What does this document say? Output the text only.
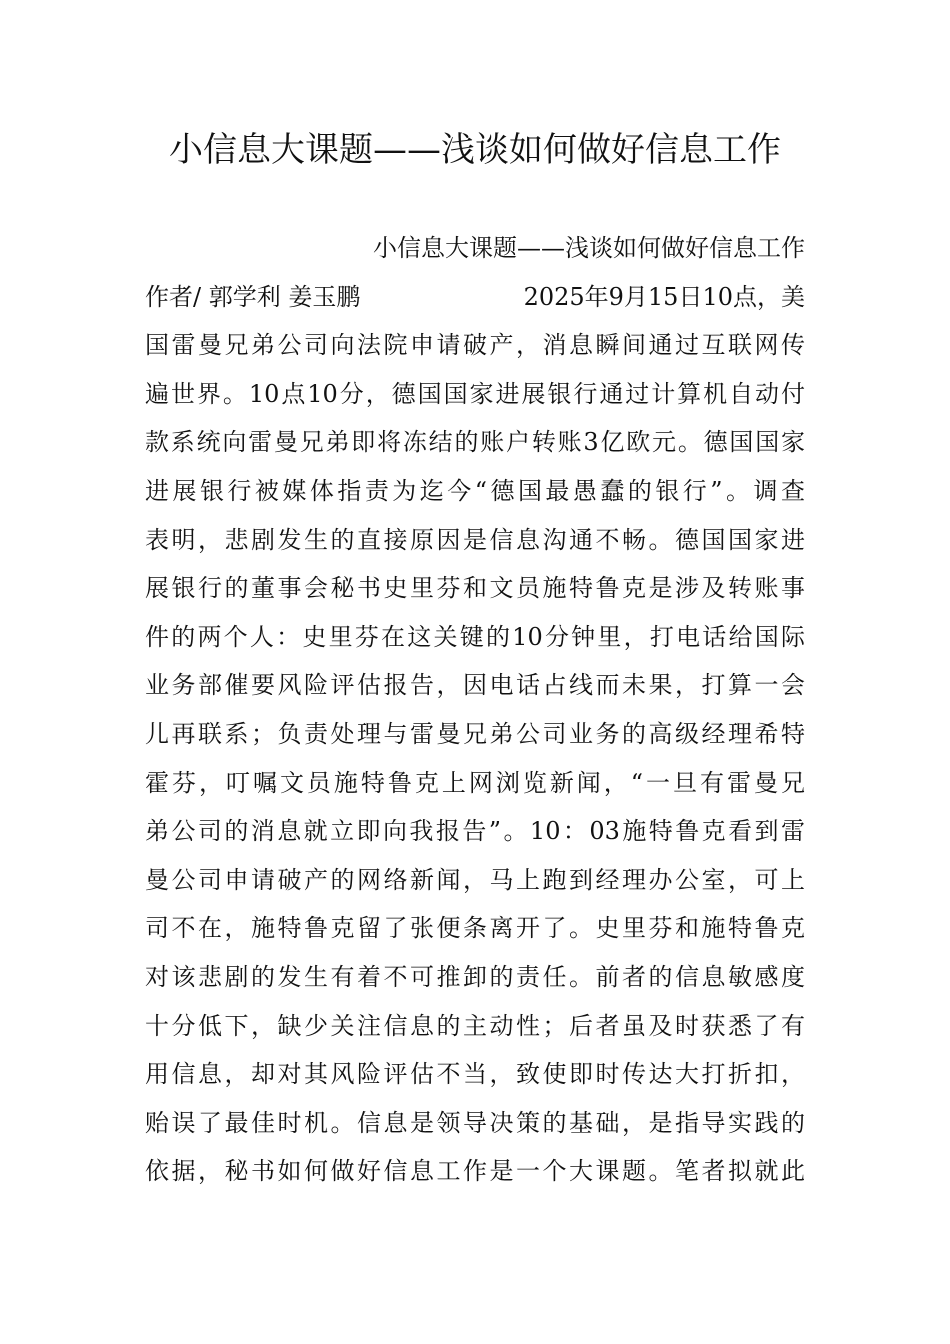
小信息大课题——浅谈如何做好信息工作
小信息大课题——浅谈如何做好信息工作
作者/ 郭学利 姜玉鹏	2025年9月15日10点，美
国雷曼兄弟公司向法院申请破产，消息瞬间通过互联网传
遍世界。10点10分，德国国家进展银行通过计算机自动付
款系统向雷曼兄弟即将冻结的账户转账3亿欧元。德国国家
进展银行被媒体指责为迄今“德国最愚蠢的银行”。调查
表明，悲剧发生的直接原因是信息沟通不畅。德国国家进
展银行的董事会秘书史里芬和文员施特鲁克是涉及转账事
件的两个人：史里芬在这关键的10分钟里，打电话给国际
业务部催要风险评估报告，因电话占线而未果，打算一会
儿再联系；负责处理与雷曼兄弟公司业务的高级经理希特
霍芬，叮嘱文员施特鲁克上网浏览新闻，“一旦有雷曼兄
弟公司的消息就立即向我报告”。10：03施特鲁克看到雷
曼公司申请破产的网络新闻，马上跑到经理办公室，可上
司不在，施特鲁克留了张便条离开了。史里芬和施特鲁克
对该悲剧的发生有着不可推卸的责任。前者的信息敏感度
十分低下，缺少关注信息的主动性；后者虽及时获悉了有
用信息，却对其风险评估不当，致使即时传达大打折扣，
贻误了最佳时机。信息是领导决策的基础，是指导实践的
依据，秘书如何做好信息工作是一个大课题。笔者拟就此
